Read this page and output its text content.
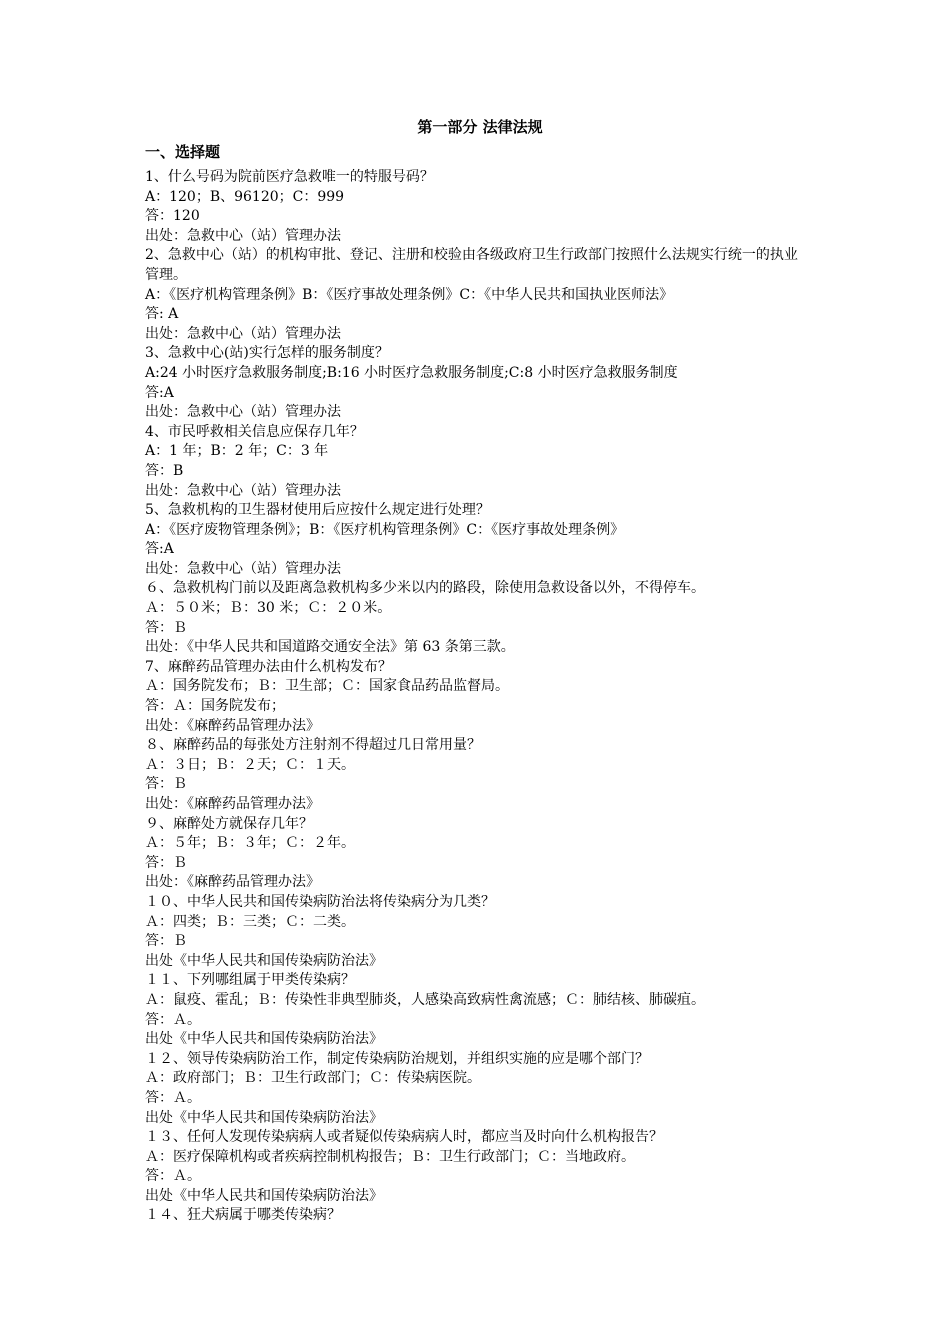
第一部分 法律法规
一、选择题
1、什么号码为院前医疗急救唯一的特服号码？
A：120；B、96120；C：999
答：120
出处：急救中心（站）管理办法
2、急救中心（站）的机构审批、登记、注册和校验由各级政府卫生行政部门按照什么法规实行统一的执业管理。
A：《医疗机构管理条例》B：《医疗事故处理条例》C：《中华人民共和国执业医师法》
答: A
出处：急救中心（站）管理办法
3、急救中心(站)实行怎样的服务制度？
A:24 小时医疗急救服务制度;B:16 小时医疗急救服务制度;C:8 小时医疗急救服务制度
答:A
出处：急救中心（站）管理办法
4、市民呼救相关信息应保存几年？
A：1 年；B：2 年；C：3 年
答：B
出处：急救中心（站）管理办法
5、急救机构的卫生器材使用后应按什么规定进行处理？
A：《医疗废物管理条例》；B：《医疗机构管理条例》C：《医疗事故处理条例》
答:A
出处：急救中心（站）管理办法
６、急救机构门前以及距离急救机构多少米以内的路段，除使用急救设备以外，不得停车。
Ａ：５０米；Ｂ：30 米；Ｃ：２０米。
答：Ｂ
出处：《中华人民共和国道路交通安全法》第 63 条第三款。
7、麻醉药品管理办法由什么机构发布？
Ａ：国务院发布；Ｂ：卫生部；Ｃ：国家食品药品监督局。
答：Ａ：国务院发布；
出处：《麻醉药品管理办法》
８、麻醉药品的每张处方注射剂不得超过几日常用量？
Ａ：３日；Ｂ：２天；Ｃ：１天。
答：Ｂ
出处：《麻醉药品管理办法》
９、麻醉处方就保存几年？
Ａ：５年；Ｂ：３年；Ｃ：２年。
答：Ｂ
出处：《麻醉药品管理办法》
１０、中华人民共和国传染病防治法将传染病分为几类？
Ａ：四类；Ｂ：三类；Ｃ：二类。
答：Ｂ
出处《中华人民共和国传染病防治法》
１１、下列哪组属于甲类传染病？
Ａ：鼠疫、霍乱；Ｂ：传染性非典型肺炎，人感染高致病性禽流感；Ｃ：肺结核、肺碳疽。
答：Ａ。
出处《中华人民共和国传染病防治法》
１２、领导传染病防治工作，制定传染病防治规划，并组织实施的应是哪个部门？
Ａ：政府部门；Ｂ：卫生行政部门；Ｃ：传染病医院。
答：Ａ。
出处《中华人民共和国传染病防治法》
１３、任何人发现传染病病人或者疑似传染病病人时，都应当及时向什么机构报告？
Ａ：医疗保障机构或者疾病控制机构报告；Ｂ：卫生行政部门；Ｃ：当地政府。
答：Ａ。
出处《中华人民共和国传染病防治法》
１４、狂犬病属于哪类传染病？
